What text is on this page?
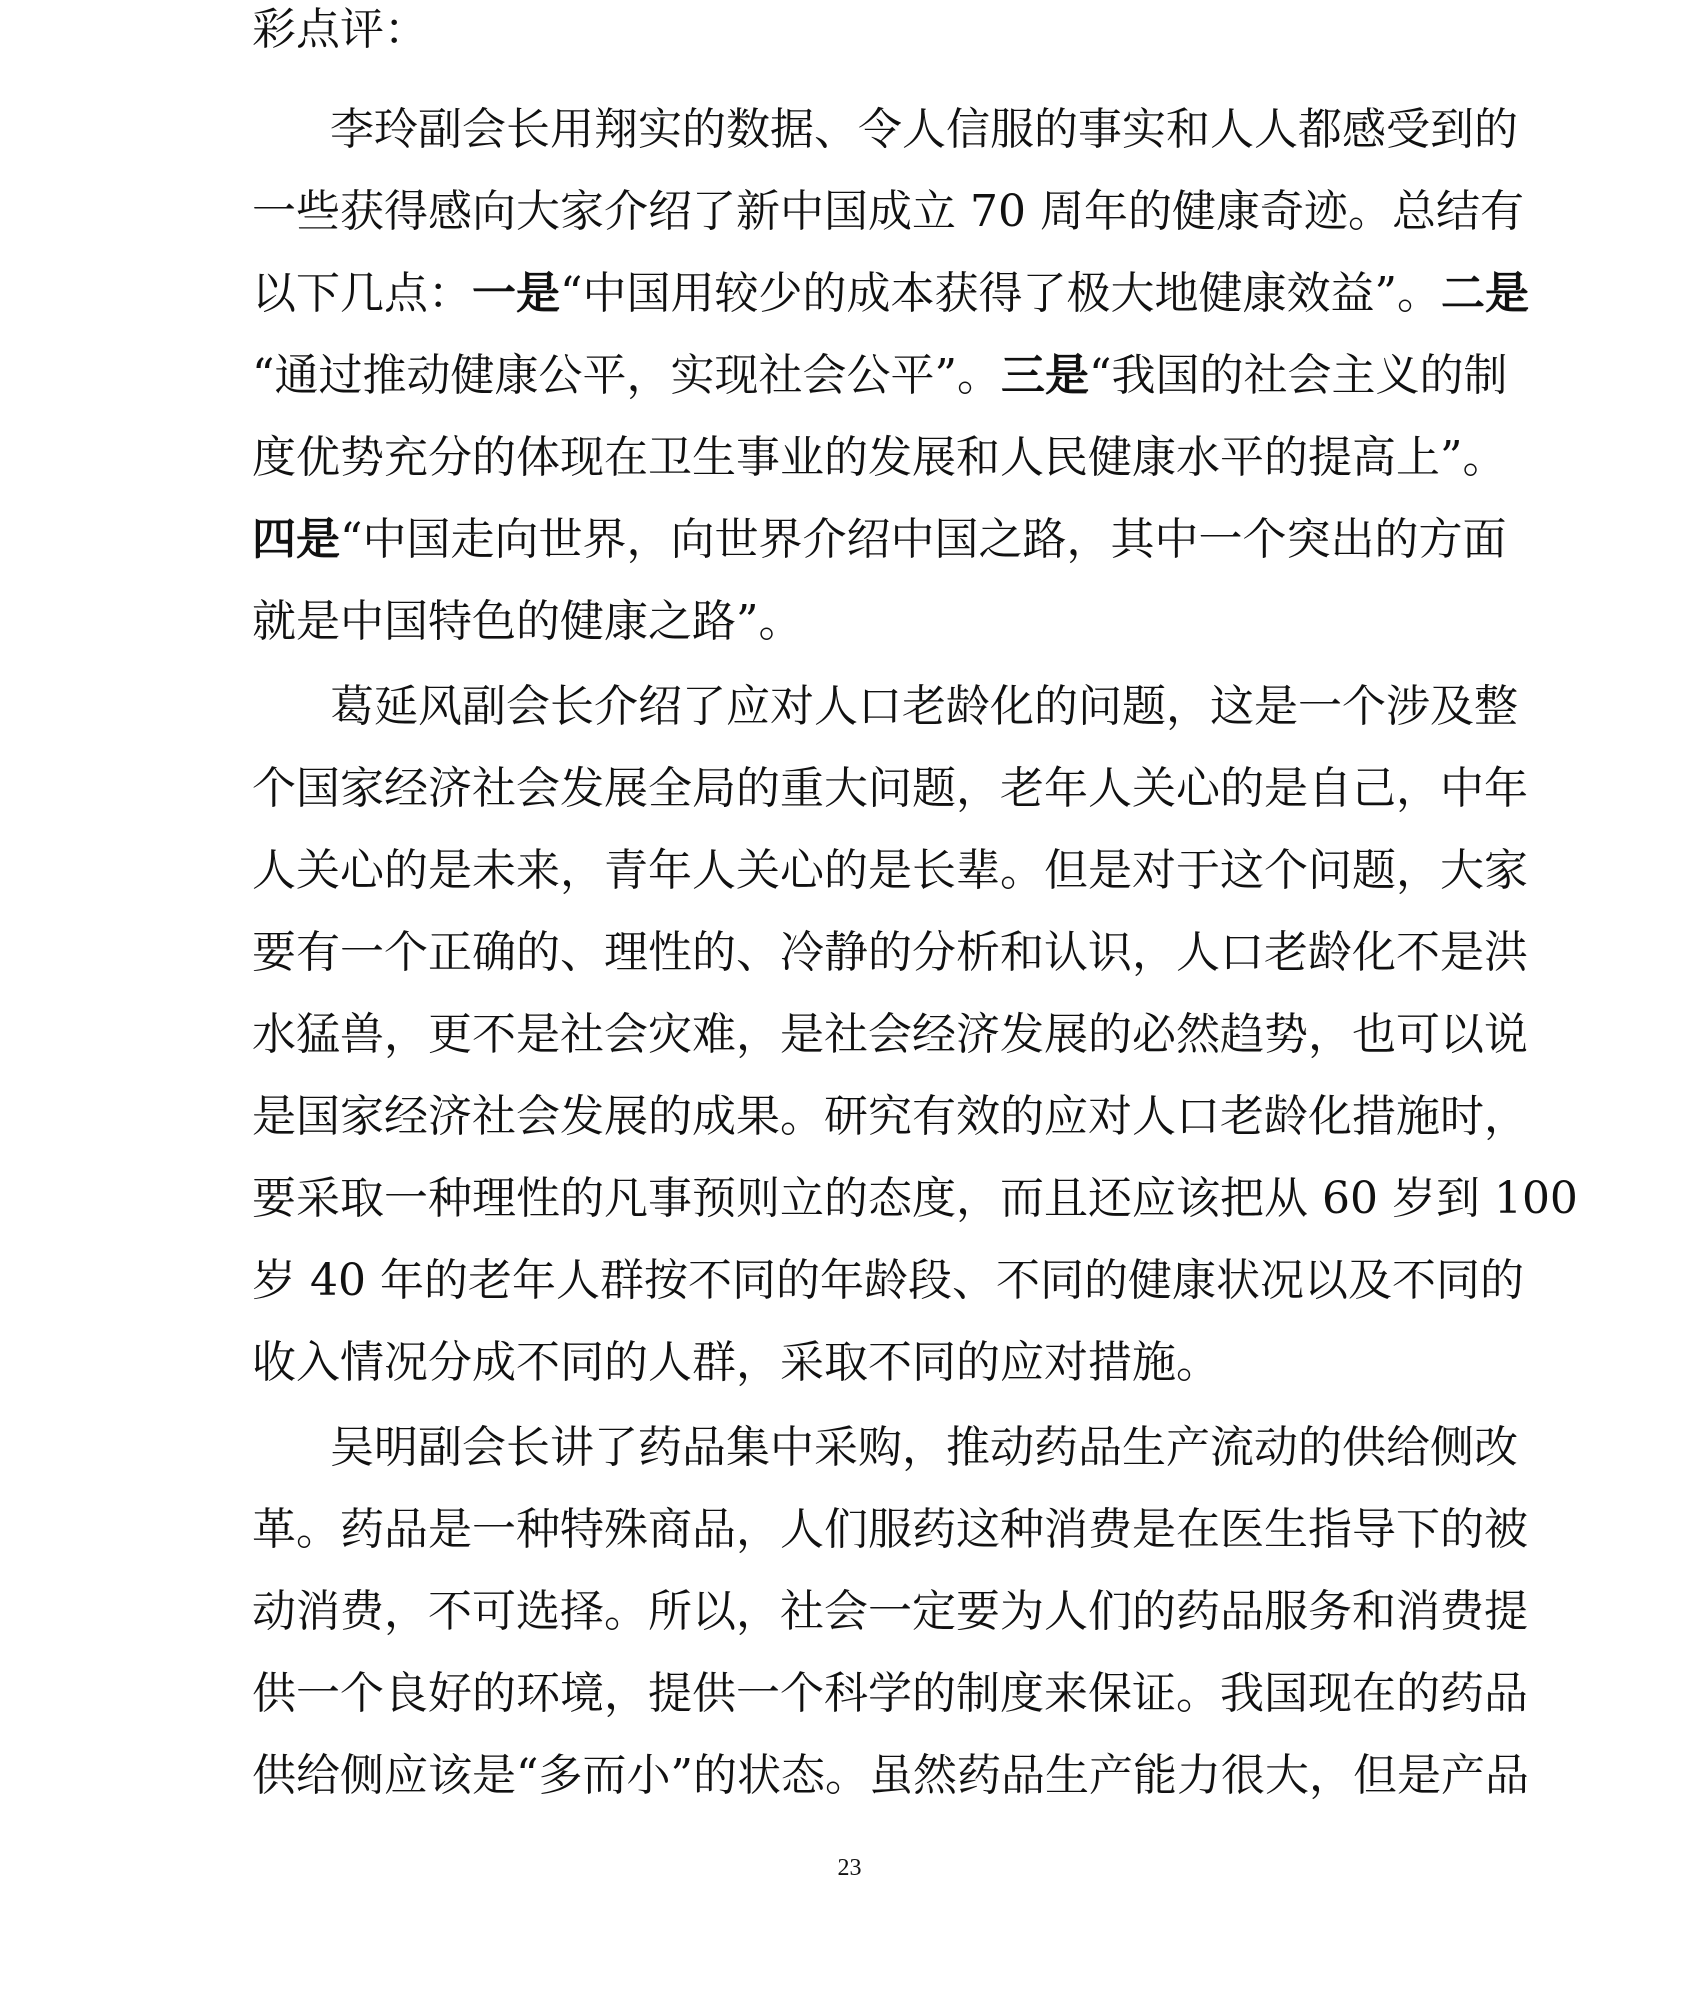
彩点评：
李玲副会长用翔实的数据、令人信服的事实和人人都感受到的
一些获得感向大家介绍了新中国成立 70 周年的健康奇迹。总结有
以下几点：一是“中国用较少的成本获得了极大地健康效益”。二是
“通过推动健康公平，实现社会公平”。三是“我国的社会主义的制
度优势充分的体现在卫生事业的发展和人民健康水平的提高上”。
四是“中国走向世界，向世界介绍中国之路，其中一个突出的方面
就是中国特色的健康之路”。
葛延风副会长介绍了应对人口老龄化的问题，这是一个涉及整
个国家经济社会发展全局的重大问题，老年人关心的是自己，中年
人关心的是未来，青年人关心的是长辈。但是对于这个问题，大家
要有一个正确的、理性的、冷静的分析和认识，人口老龄化不是洪
水猛兽，更不是社会灾难，是社会经济发展的必然趋势，也可以说
是国家经济社会发展的成果。研究有效的应对人口老龄化措施时，
要采取一种理性的凡事预则立的态度，而且还应该把从 60 岁到 100
岁 40 年的老年人群按不同的年龄段、不同的健康状况以及不同的
收入情况分成不同的人群，采取不同的应对措施。
吴明副会长讲了药品集中采购，推动药品生产流动的供给侧改
革。药品是一种特殊商品，人们服药这种消费是在医生指导下的被
动消费，不可选择。所以，社会一定要为人们的药品服务和消费提
供一个良好的环境，提供一个科学的制度来保证。我国现在的药品
供给侧应该是“多而小”的状态。虽然药品生产能力很大，但是产品
23
